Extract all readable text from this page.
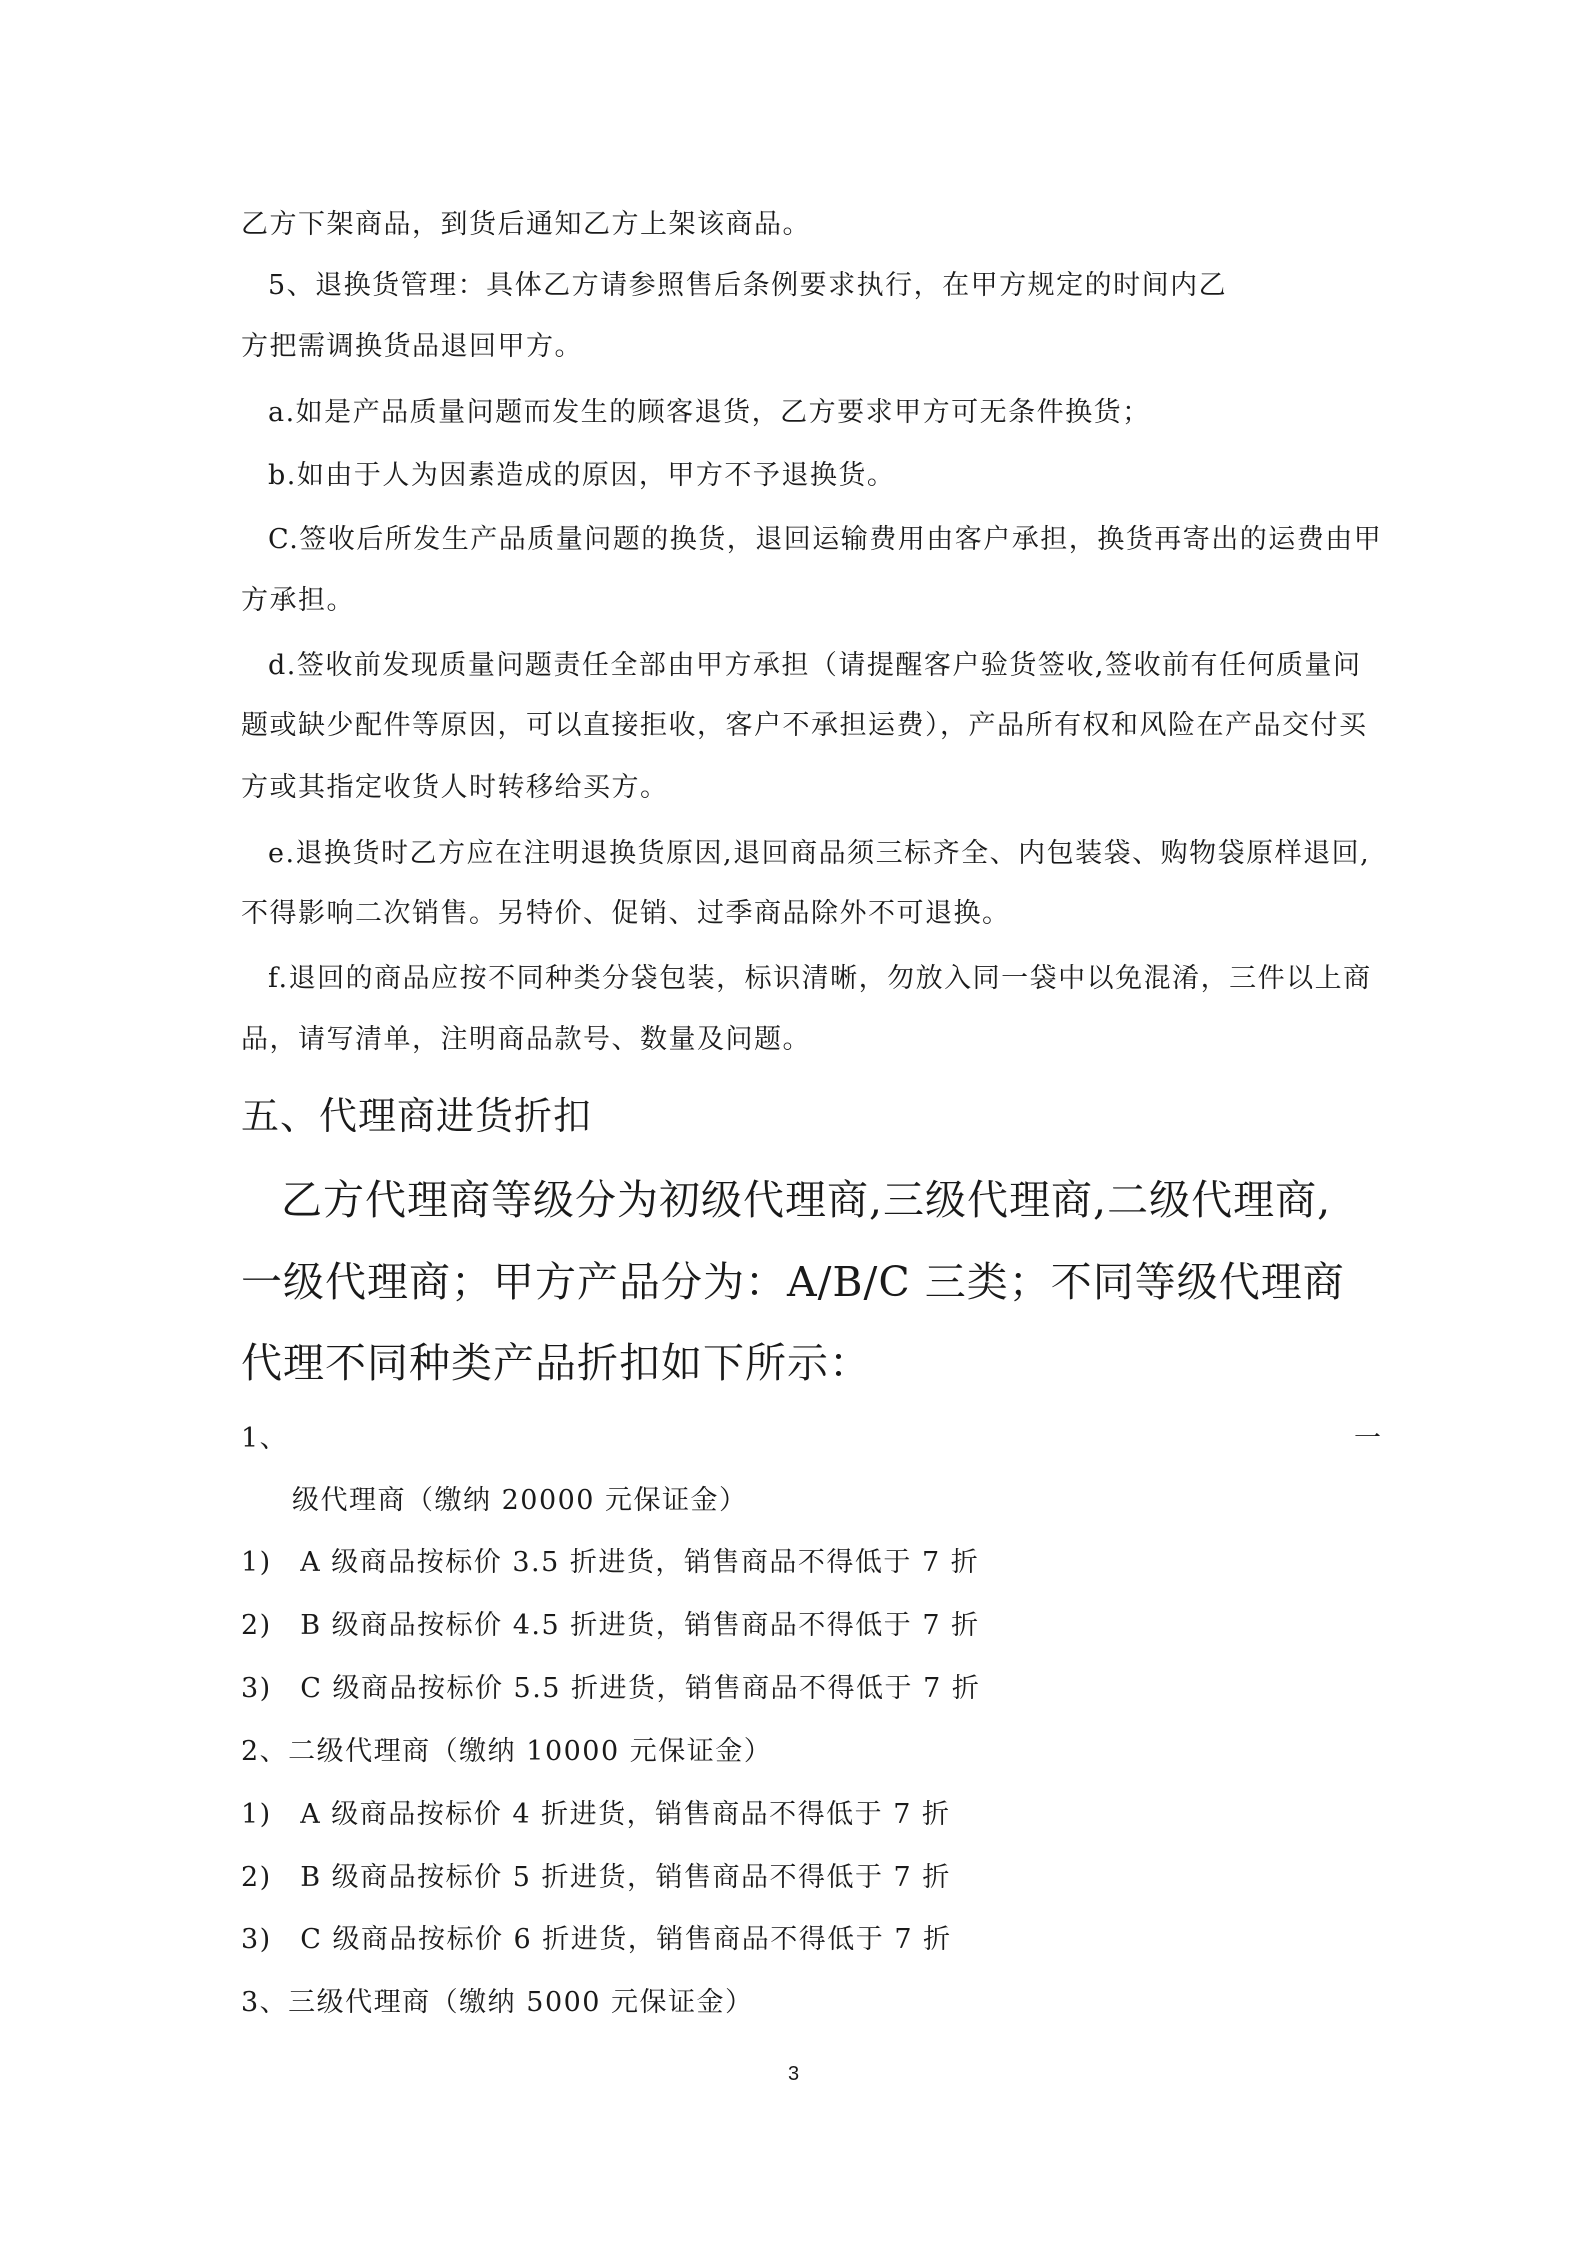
乙方下架商品，到货后通知乙方上架该商品。

5、退换货管理：具体乙方请参照售后条例要求执行，在甲方规定的时间内乙

方把需调换货品退回甲方。

a.如是产品质量问题而发生的顾客退货，乙方要求甲方可无条件换货；

b.如由于人为因素造成的原因，甲方不予退换货。

C.签收后所发生产品质量问题的换货，退回运输费用由客户承担，换货再寄出的运费由甲

方承担。

d.签收前发现质量问题责任全部由甲方承担（请提醒客户验货签收,签收前有任何质量问

题或缺少配件等原因，可以直接拒收，客户不承担运费），产品所有权和风险在产品交付买

方或其指定收货人时转移给买方。

e.退换货时乙方应在注明退换货原因,退回商品须三标齐全、内包装袋、购物袋原样退回,

不得影响二次销售。另特价、促销、过季商品除外不可退换。

f.退回的商品应按不同种类分袋包装，标识清晰，勿放入同一袋中以免混淆，三件以上商

品，请写清单，注明商品款号、数量及问题。

五、代理商进货折扣

乙方代理商等级分为初级代理商,三级代理商,二级代理商,

一级代理商；甲方产品分为：A/B/C 三类；不同等级代理商

代理不同种类产品折扣如下所示：

1、	一

级代理商（缴纳 20000 元保证金）

1)　A 级商品按标价 3.5 折进货，销售商品不得低于 7 折

2)　B 级商品按标价 4.5 折进货，销售商品不得低于 7 折

3)　C 级商品按标价 5.5 折进货，销售商品不得低于 7 折

2、二级代理商（缴纳 10000 元保证金）

1)　A 级商品按标价 4 折进货，销售商品不得低于 7 折

2)　B 级商品按标价 5 折进货，销售商品不得低于 7 折

3)　C 级商品按标价 6 折进货，销售商品不得低于 7 折

3、三级代理商（缴纳 5000 元保证金）

3
